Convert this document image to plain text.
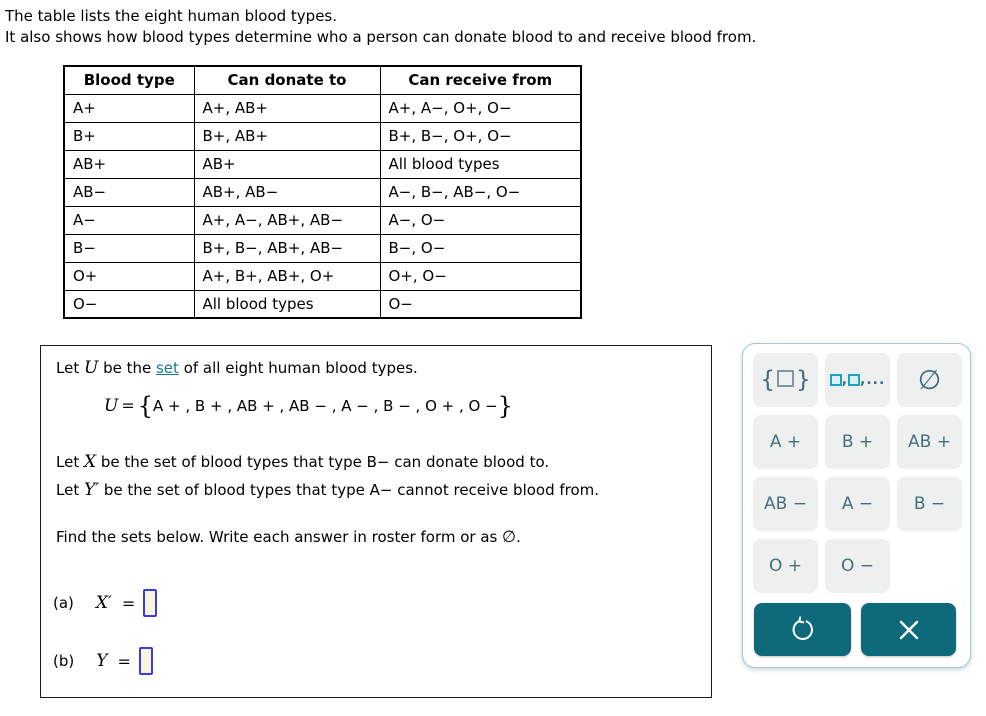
The table lists the eight human blood types.
It also shows how blood types determine who a person can donate blood to and receive blood from.
Blood type	Can donate to	Can receive from
A+	A+, AB+	A+, A−, O+, O−
B+	B+, AB+	B+, B−, O+, O−
AB+	AB+	All blood types
AB−	AB+, AB−	A−, B−, AB−, O−
A−	A+, A−, AB+, AB−	A−, O−
B−	B+, B−, AB+, AB−	B−, O−
O+	A+, B+, AB+, O+	O+, O−
O−	All blood types	O−
Let U be the set of all eight human blood types.
U = {A + , B + , AB + , AB − , A − , B − , O + , O −}
Let X be the set of blood types that type B− can donate blood to.
Let Y′ be the set of blood types that type A− cannot receive blood from.
Find the sets below. Write each answer in roster form or as ∅.
(a) X′ =
(b) Y =
{ } , ,... ∅
A +	B +	AB +
AB −	A −	B −
O +	O −
